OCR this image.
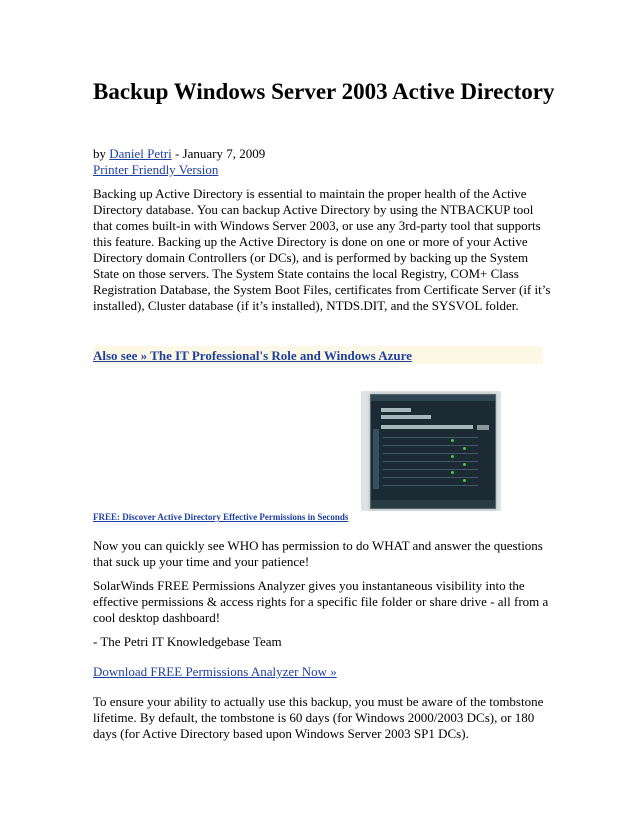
Backup Windows Server 2003 Active Directory

by Daniel Petri - January 7, 2009
Printer Friendly Version

Backing up Active Directory is essential to maintain the proper health of the Active Directory database. You can backup Active Directory by using the NTBACKUP tool that comes built-in with Windows Server 2003, or use any 3rd-party tool that supports this feature. Backing up the Active Directory is done on one or more of your Active Directory domain Controllers (or DCs), and is performed by backing up the System State on those servers. The System State contains the local Registry, COM+ Class Registration Database, the System Boot Files, certificates from Certificate Server (if it’s installed), Cluster database (if it’s installed), NTDS.DIT, and the SYSVOL folder.

Also see » The IT Professional's Role and Windows Azure
FREE: Discover Active Directory Effective Permissions in Seconds

Now you can quickly see WHO has permission to do WHAT and answer the questions that suck up your time and your patience!

SolarWinds FREE Permissions Analyzer gives you instantaneous visibility into the effective permissions & access rights for a specific file folder or share drive - all from a cool desktop dashboard!

- The Petri IT Knowledgebase Team

Download FREE Permissions Analyzer Now »

To ensure your ability to actually use this backup, you must be aware of the tombstone lifetime. By default, the tombstone is 60 days (for Windows 2000/2003 DCs), or 180 days (for Active Directory based upon Windows Server 2003 SP1 DCs).
